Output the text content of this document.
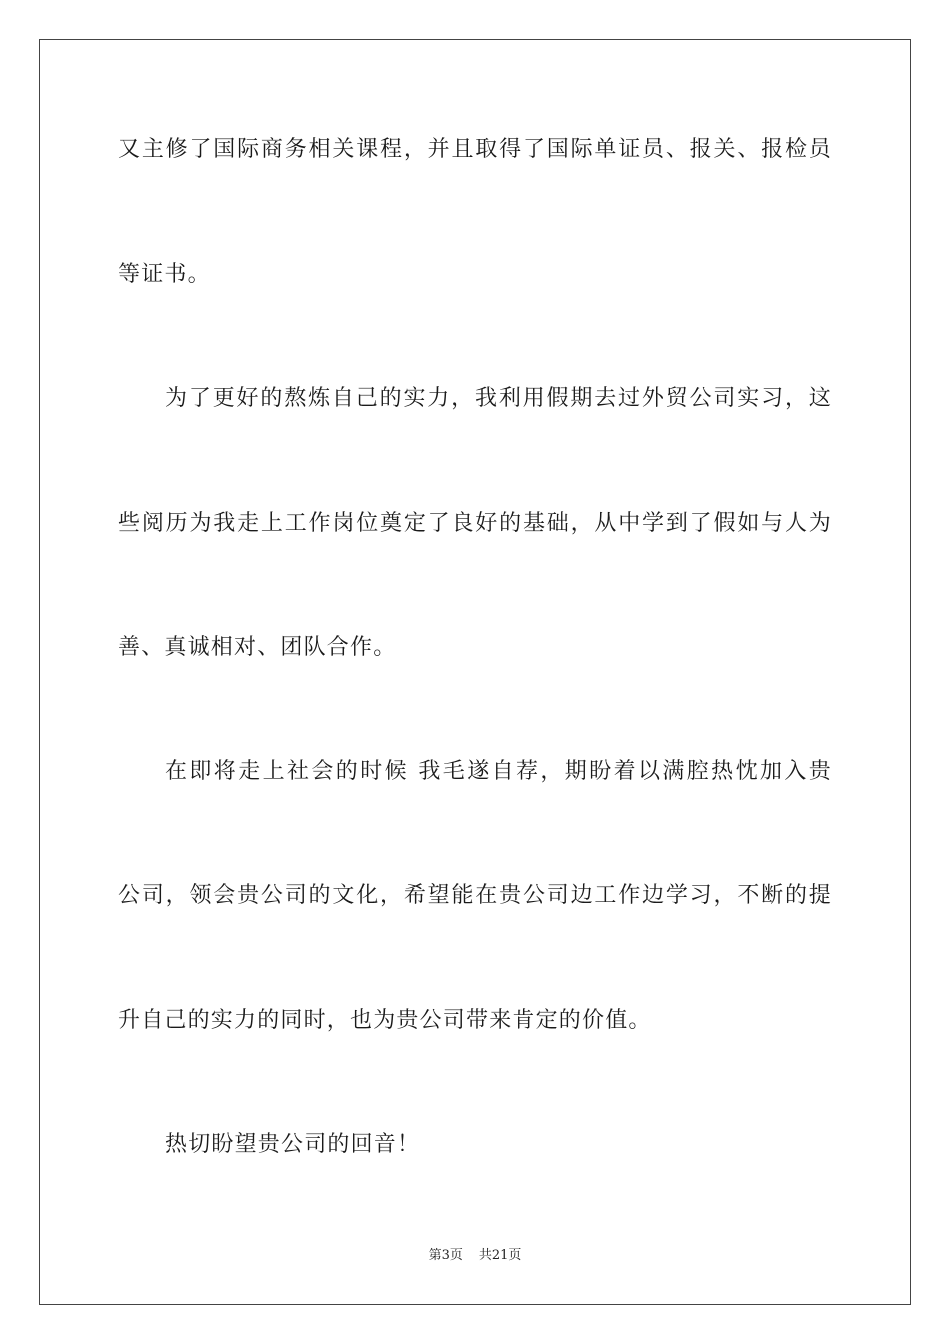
又主修了国际商务相关课程，并且取得了国际单证员、报关、报检员
等证书。
为了更好的熬炼自己的实力，我利用假期去过外贸公司实习，这
些阅历为我走上工作岗位奠定了良好的基础，从中学到了假如与人为
善、真诚相对、团队合作。
在即将走上社会的时候 我毛遂自荐，期盼着以满腔热忱加入贵
公司，领会贵公司的文化，希望能在贵公司边工作边学习，不断的提
升自己的实力的同时，也为贵公司带来肯定的价值。
热切盼望贵公司的回音！
第3页 共21页
